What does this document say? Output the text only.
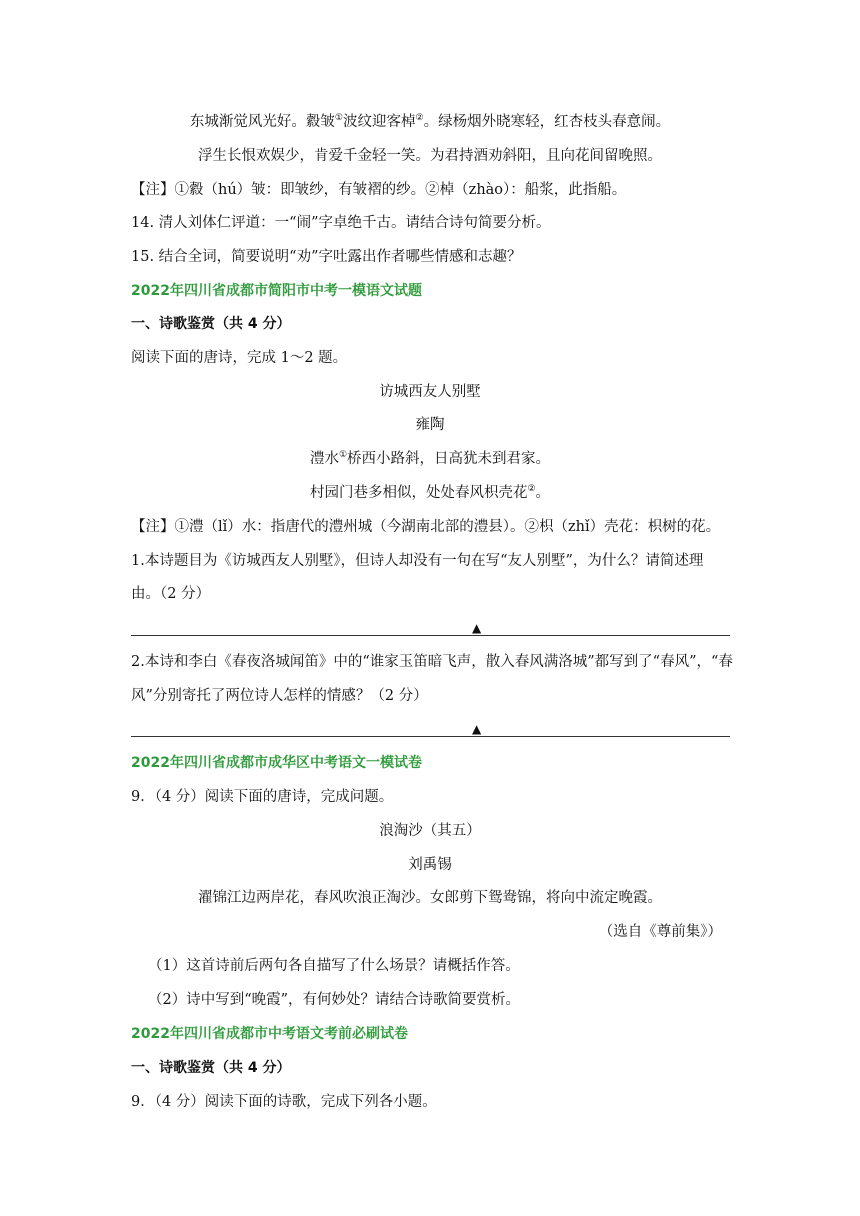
东城渐觉风光好。縠皱①波纹迎客棹②。绿杨烟外晓寒轻，红杏枝头春意闹。
浮生长恨欢娱少，肯爱千金轻一笑。为君持酒劝斜阳，且向花间留晚照。
【注】①縠（hú）皱：即皱纱，有皱褶的纱。②棹（zhào）：船浆，此指船。
14. 清人刘体仁评道：一“闹”字卓绝千古。请结合诗句简要分析。
15. 结合全词，简要说明“劝”字吐露出作者哪些情感和志趣？
2022年四川省成都市简阳市中考一模语文试题
一、诗歌鉴赏（共 4 分）
阅读下面的唐诗，完成 1～2 题。
访城西友人别墅
雍陶
澧水①桥西小路斜，日高犹未到君家。
村园门巷多相似，处处春风枳壳花②。
【注】①澧（lǐ）水：指唐代的澧州城（今湖南北部的澧县）。②枳（zhǐ）壳花：枳树的花。
1.本诗题目为《访城西友人别墅》，但诗人却没有一句在写“友人别墅”，为什么？请简述理
由。（2 分）
▲
2.本诗和李白《春夜洛城闻笛》中的“谁家玉笛暗飞声，散入春风满洛城”都写到了“春风”，“春
风”分别寄托了两位诗人怎样的情感？（2 分）
▲
2022年四川省成都市成华区中考语文一模试卷
9．（4 分）阅读下面的唐诗，完成问题。
浪淘沙（其五）
刘禹锡
濯锦江边两岸花，春风吹浪正淘沙。女郎剪下鸳鸯锦，将向中流定晚霞。
（选自《尊前集》）
（1）这首诗前后两句各自描写了什么场景？请概括作答。
（2）诗中写到“晚霞”，有何妙处？请结合诗歌简要赏析。
2022年四川省成都市中考语文考前必刷试卷
一、诗歌鉴赏（共 4 分）
9．（4 分）阅读下面的诗歌，完成下列各小题。
